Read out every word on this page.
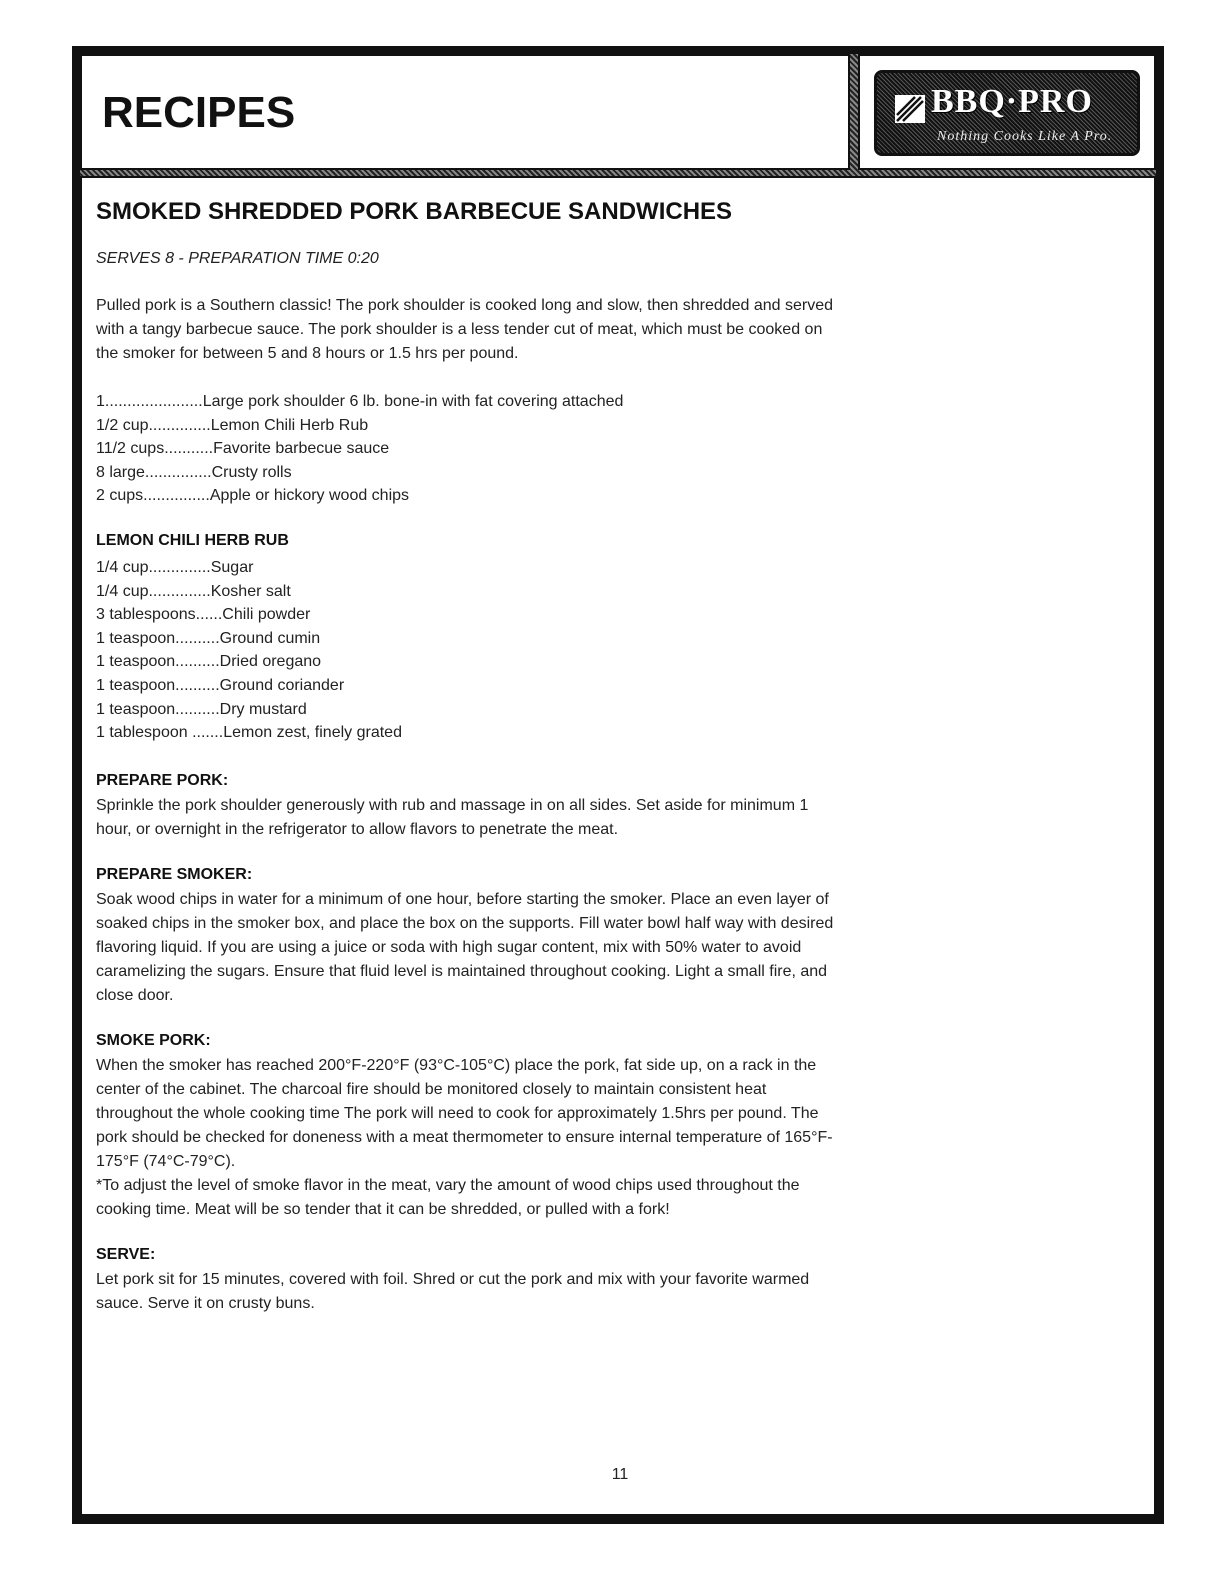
RECIPES	BBQ·PRO
Nothing Cooks Like A Pro.
SMOKED SHREDDED PORK BARBECUE SANDWICHES

SERVES 8 - PREPARATION TIME 0:20

Pulled pork is a Southern classic! The pork shoulder is cooked long and slow, then shredded and served with a tangy barbecue sauce. The pork shoulder is a less tender cut of meat, which must be cooked on the smoker for between 5 and 8 hours or 1.5 hrs per pound.

1......................Large pork shoulder 6 lb. bone-in with fat covering attached
1/2 cup..............Lemon Chili Herb Rub
11/2 cups...........Favorite barbecue sauce
8 large...............Crusty rolls
2 cups...............Apple or hickory wood chips
LEMON CHILI HERB RUB
1/4 cup..............Sugar
1/4 cup..............Kosher salt
3 tablespoons......Chili powder
1 teaspoon..........Ground cumin
1 teaspoon..........Dried oregano
1 teaspoon..........Ground coriander
1 teaspoon..........Dry mustard
1 tablespoon .......Lemon zest, finely grated

PREPARE PORK:

Sprinkle the pork shoulder generously with rub and massage in on all sides. Set aside for minimum 1 hour, or overnight in the refrigerator to allow flavors to penetrate the meat.

PREPARE SMOKER:

Soak wood chips in water for a minimum of one hour, before starting the smoker. Place an even layer of soaked chips in the smoker box, and place the box on the supports. Fill water bowl half way with desired flavoring liquid. If you are using a juice or soda with high sugar content, mix with 50% water to avoid caramelizing the sugars. Ensure that fluid level is maintained throughout cooking. Light a small fire, and close door.

SMOKE PORK:

When the smoker has reached 200°F-220°F (93°C-105°C) place the pork, fat side up, on a rack in the center of the cabinet. The charcoal fire should be monitored closely to maintain consistent heat throughout the whole cooking time The pork will need to cook for approximately 1.5hrs per pound. The pork should be checked for doneness with a meat thermometer to ensure internal temperature of 165°F-175°F (74°C-79°C).

*To adjust the level of smoke flavor in the meat, vary the amount of wood chips used throughout the cooking time. Meat will be so tender that it can be shredded, or pulled with a fork!

SERVE:

Let pork sit for 15 minutes, covered with foil. Shred or cut the pork and mix with your favorite warmed sauce. Serve it on crusty buns.

11
